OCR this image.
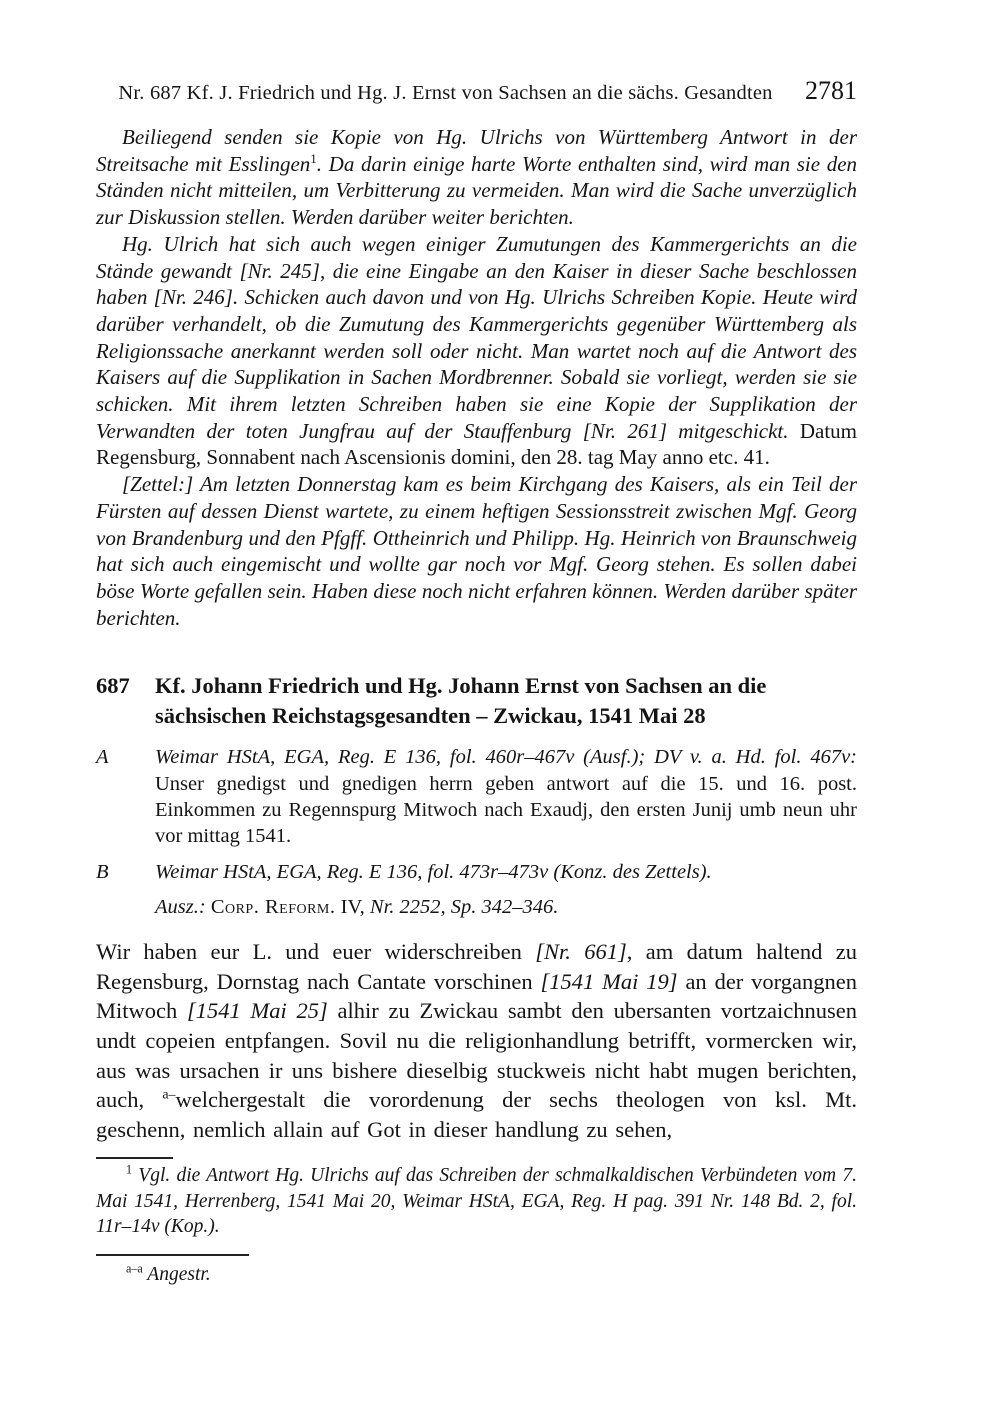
Nr. 687 Kf. J. Friedrich und Hg. J. Ernst von Sachsen an die sächs. Gesandten	2781

Beiliegend senden sie Kopie von Hg. Ulrichs von Württemberg Antwort in der Streitsache mit Esslingen$^1$. Da darin einige harte Worte enthalten sind, wird man sie den Ständen nicht mitteilen, um Verbitterung zu vermeiden. Man wird die Sache unverzüglich zur Diskussion stellen. Werden darüber weiter berichten.

Hg. Ulrich hat sich auch wegen einiger Zumutungen des Kammergerichts an die Stände gewandt [Nr. 245], die eine Eingabe an den Kaiser in dieser Sache beschlossen haben [Nr. 246]. Schicken auch davon und von Hg. Ulrichs Schreiben Kopie. Heute wird darüber verhandelt, ob die Zumutung des Kammergerichts gegenüber Württemberg als Religionssache anerkannt werden soll oder nicht. Man wartet noch auf die Antwort des Kaisers auf die Supplikation in Sachen Mordbrenner. Sobald sie vorliegt, werden sie sie schicken. Mit ihrem letzten Schreiben haben sie eine Kopie der Supplikation der Verwandten der toten Jungfrau auf der Stauffenburg [Nr. 261] mitgeschickt. Datum Regensburg, Sonnabent nach Ascensionis domini, den 28. tag May anno etc. 41.

[Zettel:] Am letzten Donnerstag kam es beim Kirchgang des Kaisers, als ein Teil der Fürsten auf dessen Dienst wartete, zu einem heftigen Sessionsstreit zwischen Mgf. Georg von Brandenburg und den Pfgff. Ottheinrich und Philipp. Hg. Heinrich von Braunschweig hat sich auch eingemischt und wollte gar noch vor Mgf. Georg stehen. Es sollen dabei böse Worte gefallen sein. Haben diese noch nicht erfahren können. Werden darüber später berichten.

687	Kf. Johann Friedrich und Hg. Johann Ernst von Sachsen an die sächsischen Reichstagsgesandten – Zwickau, 1541 Mai 28
A	Weimar HStA, EGA, Reg. E 136, fol. 460r–467v (Ausf.); DV v. a. Hd. fol. 467v: Unser gnedigst und gnedigen herrn geben antwort auf die 15. und 16. post. Einkommen zu Regennspurg Mitwoch nach Exaudj, den ersten Junij umb neun uhr vor mittag 1541.

B	Weimar HStA, EGA, Reg. E 136, fol. 473r–473v (Konz. des Zettels).

Ausz.: Corp. Reform. IV, Nr. 2252, Sp. 342–346.

Wir haben eur L. und euer widerschreiben [Nr. 661], am datum haltend zu Regensburg, Dornstag nach Cantate vorschinen [1541 Mai 19] an der vorgangnen Mitwoch [1541 Mai 25] alhir zu Zwickau sambt den ubersanten vortzaichnusen undt copeien entpfangen. Sovil nu die religionhandlung betrifft, vormercken wir, aus was ursachen ir uns bishere dieselbig stuckweis nicht habt mugen berichten, auch, $^{a-}$welchergestalt die vorordenung der sechs theologen von ksl. Mt. geschenn, nemlich allain auf Got in dieser handlung zu sehen,

$^1$ Vgl. die Antwort Hg. Ulrichs auf das Schreiben der schmalkaldischen Verbündeten vom 7. Mai 1541, Herrenberg, 1541 Mai 20, Weimar HStA, EGA, Reg. H pag. 391 Nr. 148 Bd. 2, fol. 11r–14v (Kop.).

$^{a-a}$ Angestr.
